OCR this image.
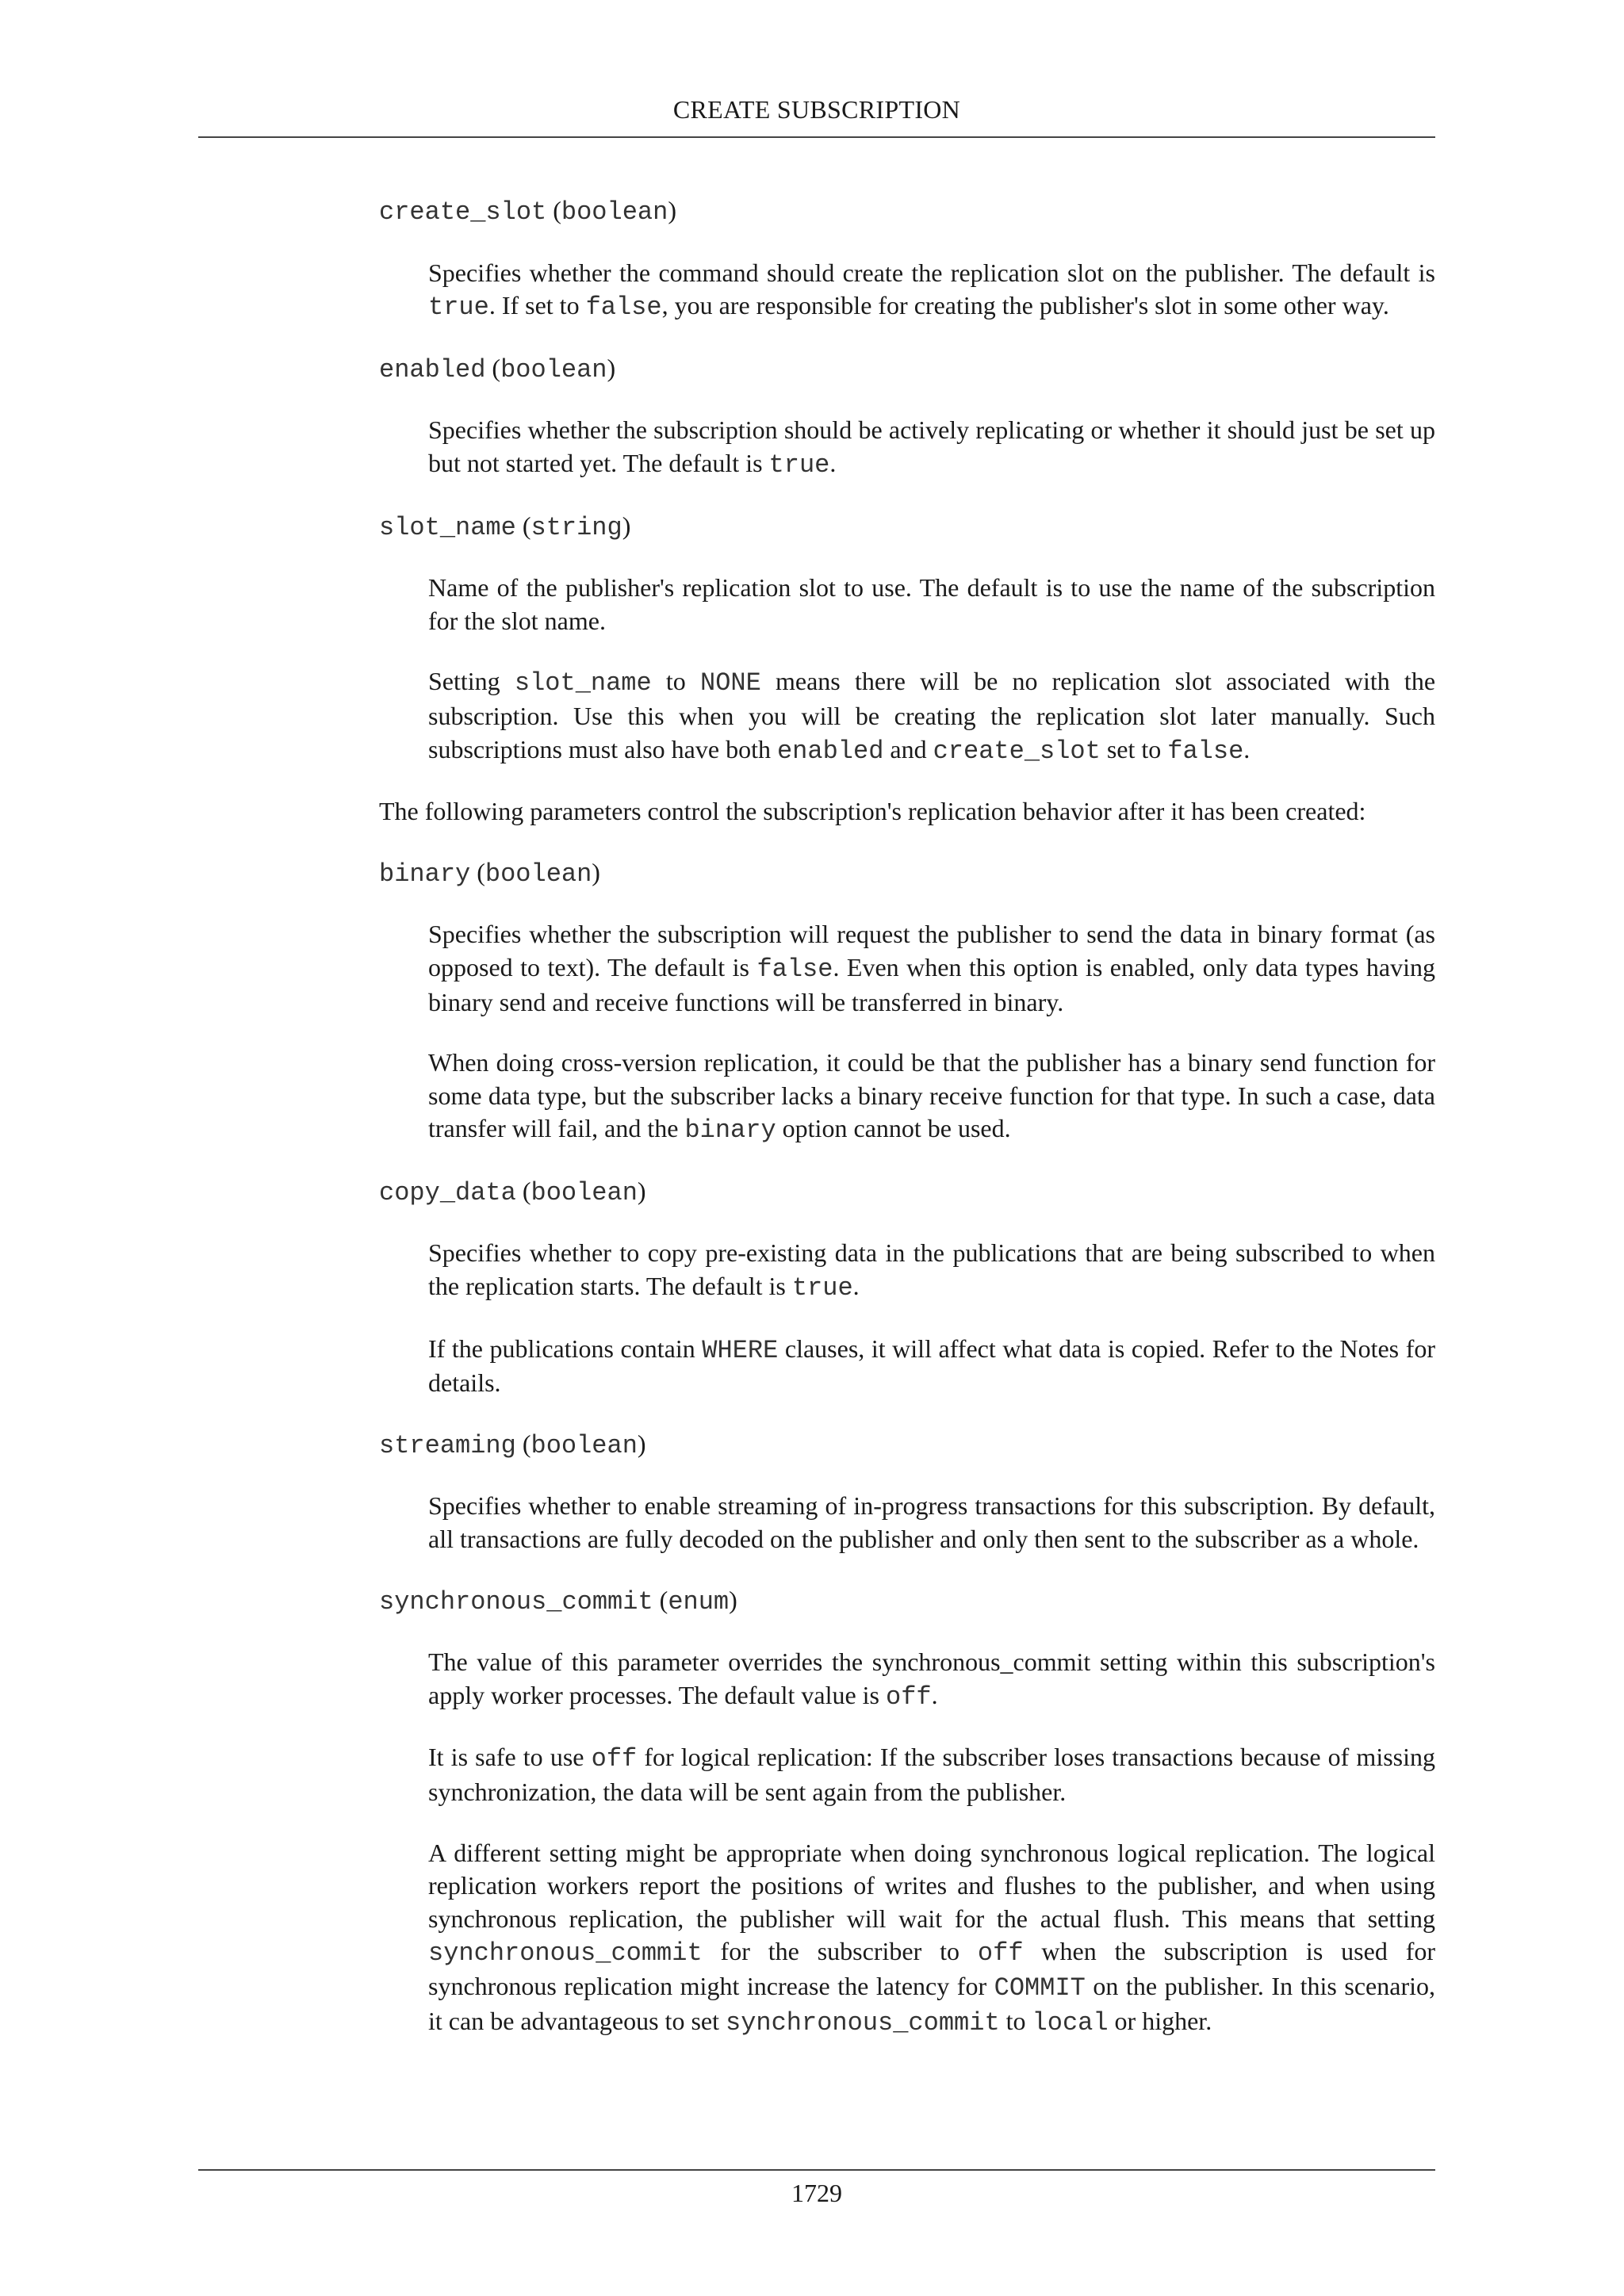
CREATE SUBSCRIPTION
create_slot (boolean)
Specifies whether the command should create the replication slot on the publisher. The default is true. If set to false, you are responsible for creating the publisher's slot in some other way.
enabled (boolean)
Specifies whether the subscription should be actively replicating or whether it should just be set up but not started yet. The default is true.
slot_name (string)
Name of the publisher's replication slot to use. The default is to use the name of the subscription for the slot name.
Setting slot_name to NONE means there will be no replication slot associated with the subscription. Use this when you will be creating the replication slot later manually. Such subscriptions must also have both enabled and create_slot set to false.
The following parameters control the subscription's replication behavior after it has been created:
binary (boolean)
Specifies whether the subscription will request the publisher to send the data in binary format (as opposed to text). The default is false. Even when this option is enabled, only data types having binary send and receive functions will be transferred in binary.
When doing cross-version replication, it could be that the publisher has a binary send function for some data type, but the subscriber lacks a binary receive function for that type. In such a case, data transfer will fail, and the binary option cannot be used.
copy_data (boolean)
Specifies whether to copy pre-existing data in the publications that are being subscribed to when the replication starts. The default is true.
If the publications contain WHERE clauses, it will affect what data is copied. Refer to the Notes for details.
streaming (boolean)
Specifies whether to enable streaming of in-progress transactions for this subscription. By default, all transactions are fully decoded on the publisher and only then sent to the subscriber as a whole.
synchronous_commit (enum)
The value of this parameter overrides the synchronous_commit setting within this subscription's apply worker processes. The default value is off.
It is safe to use off for logical replication: If the subscriber loses transactions because of missing synchronization, the data will be sent again from the publisher.
A different setting might be appropriate when doing synchronous logical replication. The logical replication workers report the positions of writes and flushes to the publisher, and when using synchronous replication, the publisher will wait for the actual flush. This means that setting synchronous_commit for the subscriber to off when the subscription is used for synchronous replication might increase the latency for COMMIT on the publisher. In this scenario, it can be advantageous to set synchronous_commit to local or higher.
1729
